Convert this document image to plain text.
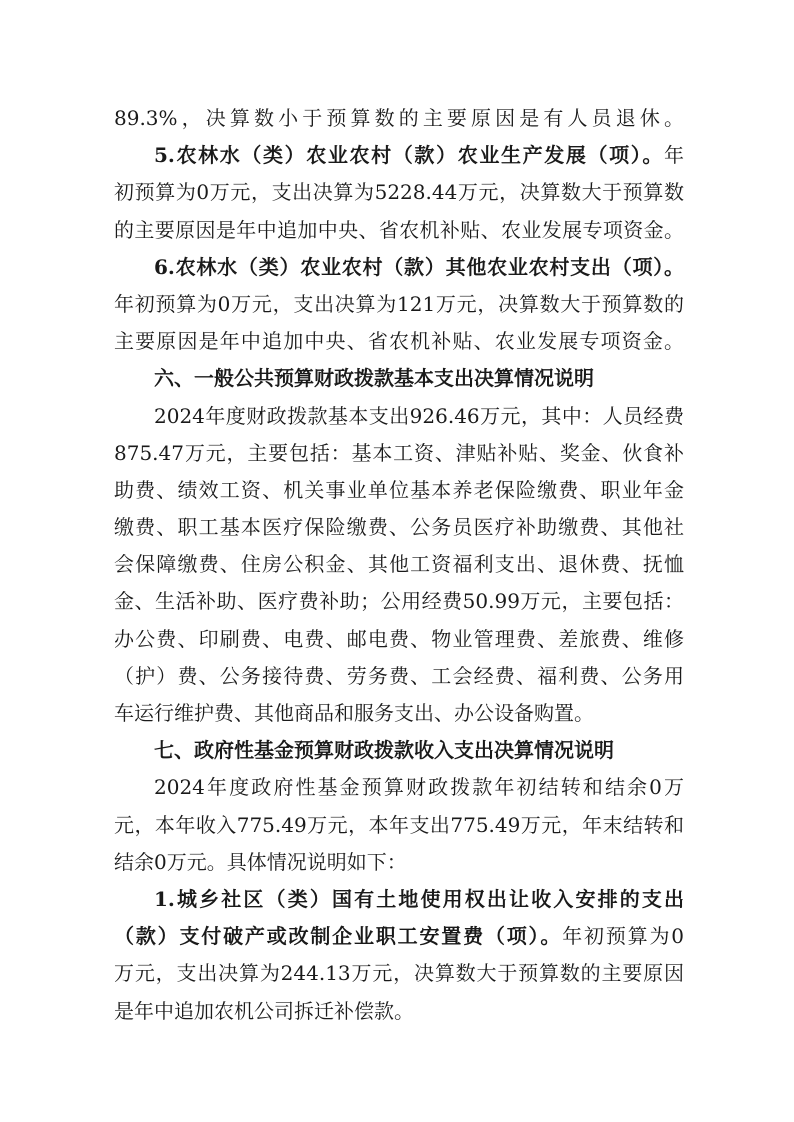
89.3%，决算数小于预算数的主要原因是有人员退休。
5.农林水（类）农业农村（款）农业生产发展（项）。年
初预算为0万元，支出决算为5228.44万元，决算数大于预算数
的主要原因是年中追加中央、省农机补贴、农业发展专项资金。
6.农林水（类）农业农村（款）其他农业农村支出（项）。
年初预算为0万元，支出决算为121万元，决算数大于预算数的
主要原因是年中追加中央、省农机补贴、农业发展专项资金。
六、一般公共预算财政拨款基本支出决算情况说明
2024年度财政拨款基本支出926.46万元，其中：人员经费
875.47万元，主要包括：基本工资、津贴补贴、奖金、伙食补
助费、绩效工资、机关事业单位基本养老保险缴费、职业年金
缴费、职工基本医疗保险缴费、公务员医疗补助缴费、其他社
会保障缴费、住房公积金、其他工资福利支出、退休费、抚恤
金、生活补助、医疗费补助；公用经费50.99万元，主要包括：
办公费、印刷费、电费、邮电费、物业管理费、差旅费、维修
（护）费、公务接待费、劳务费、工会经费、福利费、公务用
车运行维护费、其他商品和服务支出、办公设备购置。
七、政府性基金预算财政拨款收入支出决算情况说明
2024年度政府性基金预算财政拨款年初结转和结余0万
元，本年收入775.49万元，本年支出775.49万元，年末结转和
结余0万元。具体情况说明如下：
1.城乡社区（类）国有土地使用权出让收入安排的支出
（款）支付破产或改制企业职工安置费（项）。年初预算为0
万元，支出决算为244.13万元，决算数大于预算数的主要原因
是年中追加农机公司拆迁补偿款。
